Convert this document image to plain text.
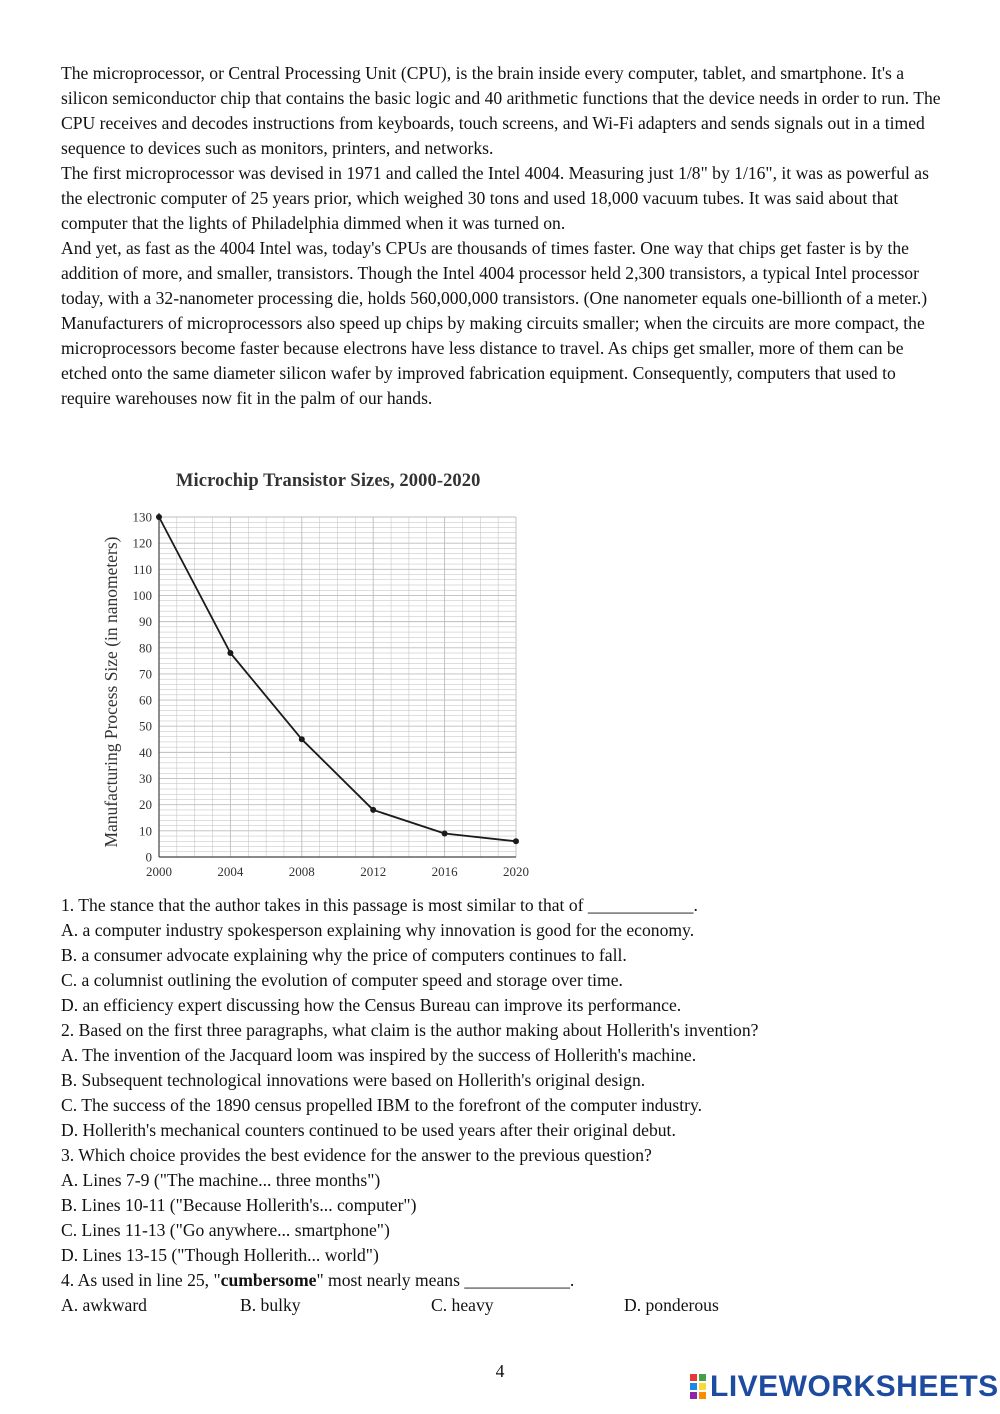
The microprocessor, or Central Processing Unit (CPU), is the brain inside every computer, tablet, and smartphone. It's a silicon semiconductor chip that contains the basic logic and 40 arithmetic functions that the device needs in order to run. The CPU receives and decodes instructions from keyboards, touch screens, and Wi-Fi adapters and sends signals out in a timed sequence to devices such as monitors, printers, and networks.

The first microprocessor was devised in 1971 and called the Intel 4004. Measuring just 1/8" by 1/16", it was as powerful as the electronic computer of 25 years prior, which weighed 30 tons and used 18,000 vacuum tubes. It was said about that computer that the lights of Philadelphia dimmed when it was turned on.

And yet, as fast as the 4004 Intel was, today's CPUs are thousands of times faster. One way that chips get faster is by the addition of more, and smaller, transistors. Though the Intel 4004 processor held 2,300 transistors, a typical Intel processor today, with a 32-nanometer processing die, holds 560,000,000 transistors. (One nanometer equals one-billionth of a meter.) Manufacturers of microprocessors also speed up chips by making circuits smaller; when the circuits are more compact, the microprocessors become faster because electrons have less distance to travel. As chips get smaller, more of them can be etched onto the same diameter silicon wafer by improved fabrication equipment. Consequently, computers that used to require warehouses now fit in the palm of our hands.

Microchip Transistor Sizes, 2000-2020
0
10
20
30
40
50
60
70
80
90
100
110
120
130
2000	2004	2008	2012	2016	2020
Manufacturing Process Size (in nanometers)
1. The stance that the author takes in this passage is most similar to that of ____________.
A. a computer industry spokesperson explaining why innovation is good for the economy.
B. a consumer advocate explaining why the price of computers continues to fall.
C. a columnist outlining the evolution of computer speed and storage over time.
D. an efficiency expert discussing how the Census Bureau can improve its performance.
2. Based on the first three paragraphs, what claim is the author making about Hollerith's invention?
A. The invention of the Jacquard loom was inspired by the success of Hollerith's machine.
B. Subsequent technological innovations were based on Hollerith's original design.
C. The success of the 1890 census propelled IBM to the forefront of the computer industry.
D. Hollerith's mechanical counters continued to be used years after their original debut.
3. Which choice provides the best evidence for the answer to the previous question?
A. Lines 7-9 ("The machine... three months")
B. Lines 10-11 ("Because Hollerith's... computer")
C. Lines 11-13 ("Go anywhere... smartphone")
D. Lines 13-15 ("Though Hollerith... world")
4. As used in line 25, "cumbersome" most nearly means ____________.
A. awkward	B. bulky	C. heavy	D. ponderous
4	LIVEWORKSHEETS
